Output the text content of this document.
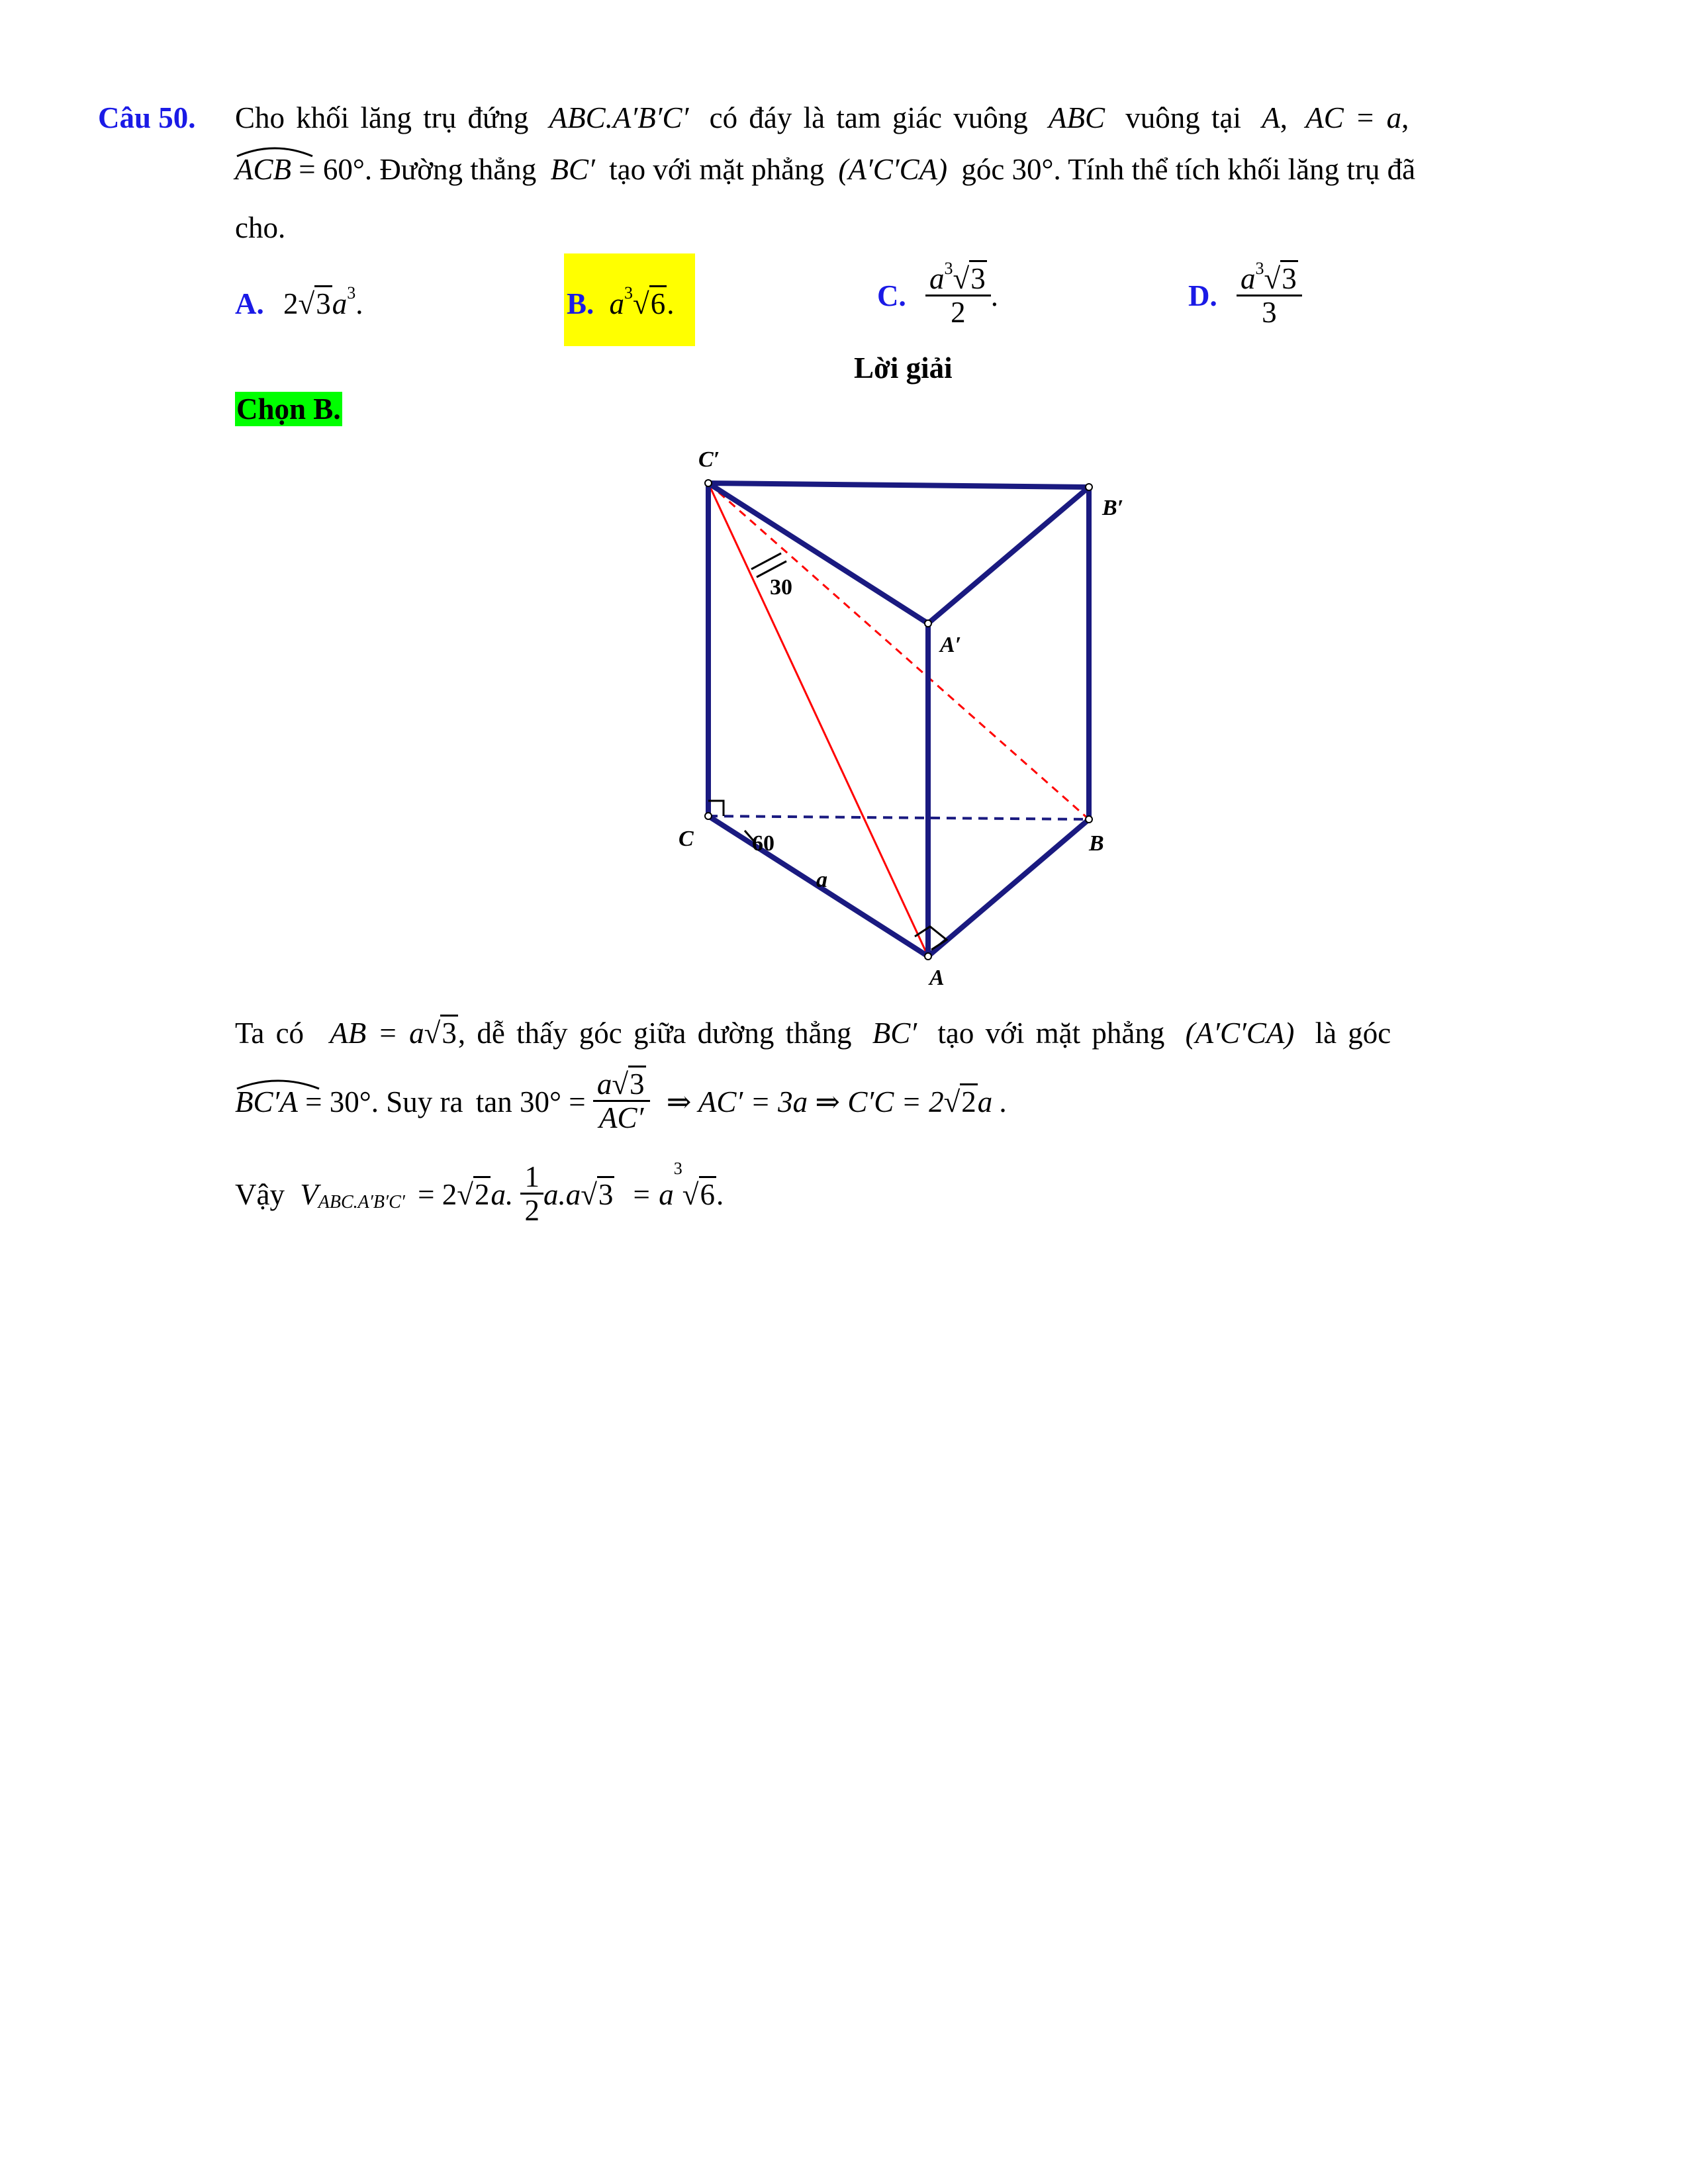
Câu 50. Cho khối lăng trụ đứng ABC.A′B′C′ có đáy là tam giác vuông ABC vuông tại A, AC = a,
ACB = 60°. Đường thẳng BC′ tạo với mặt phẳng (A′C′CA) góc 30°. Tính thể tích khối lăng trụ đã
cho.
A. $2√3a^3$.	B. $a^3√6$.	C. $\frac{a^3√3}{2}$ .	D. $\frac{a^3√3}{3}$
Lời giải
Chọn B.
C′
B′
A′
C	B
A
30
60
a
Ta có AB = a√3, dễ thấy góc giữa dường thẳng BC′ tạo với mặt phẳng (A′C′CA) là góc
BC′A = 30°. Suy ra $\tan 30^\circ = \frac{a√3}{AC'}$ ⇒ AC′ = 3a ⇒ C′C = 2√2a .
Vậy $V_{ABC.A'B'C'} = 2√2a$. $\frac{1}{2} a.a√3 = a^3√6$.
